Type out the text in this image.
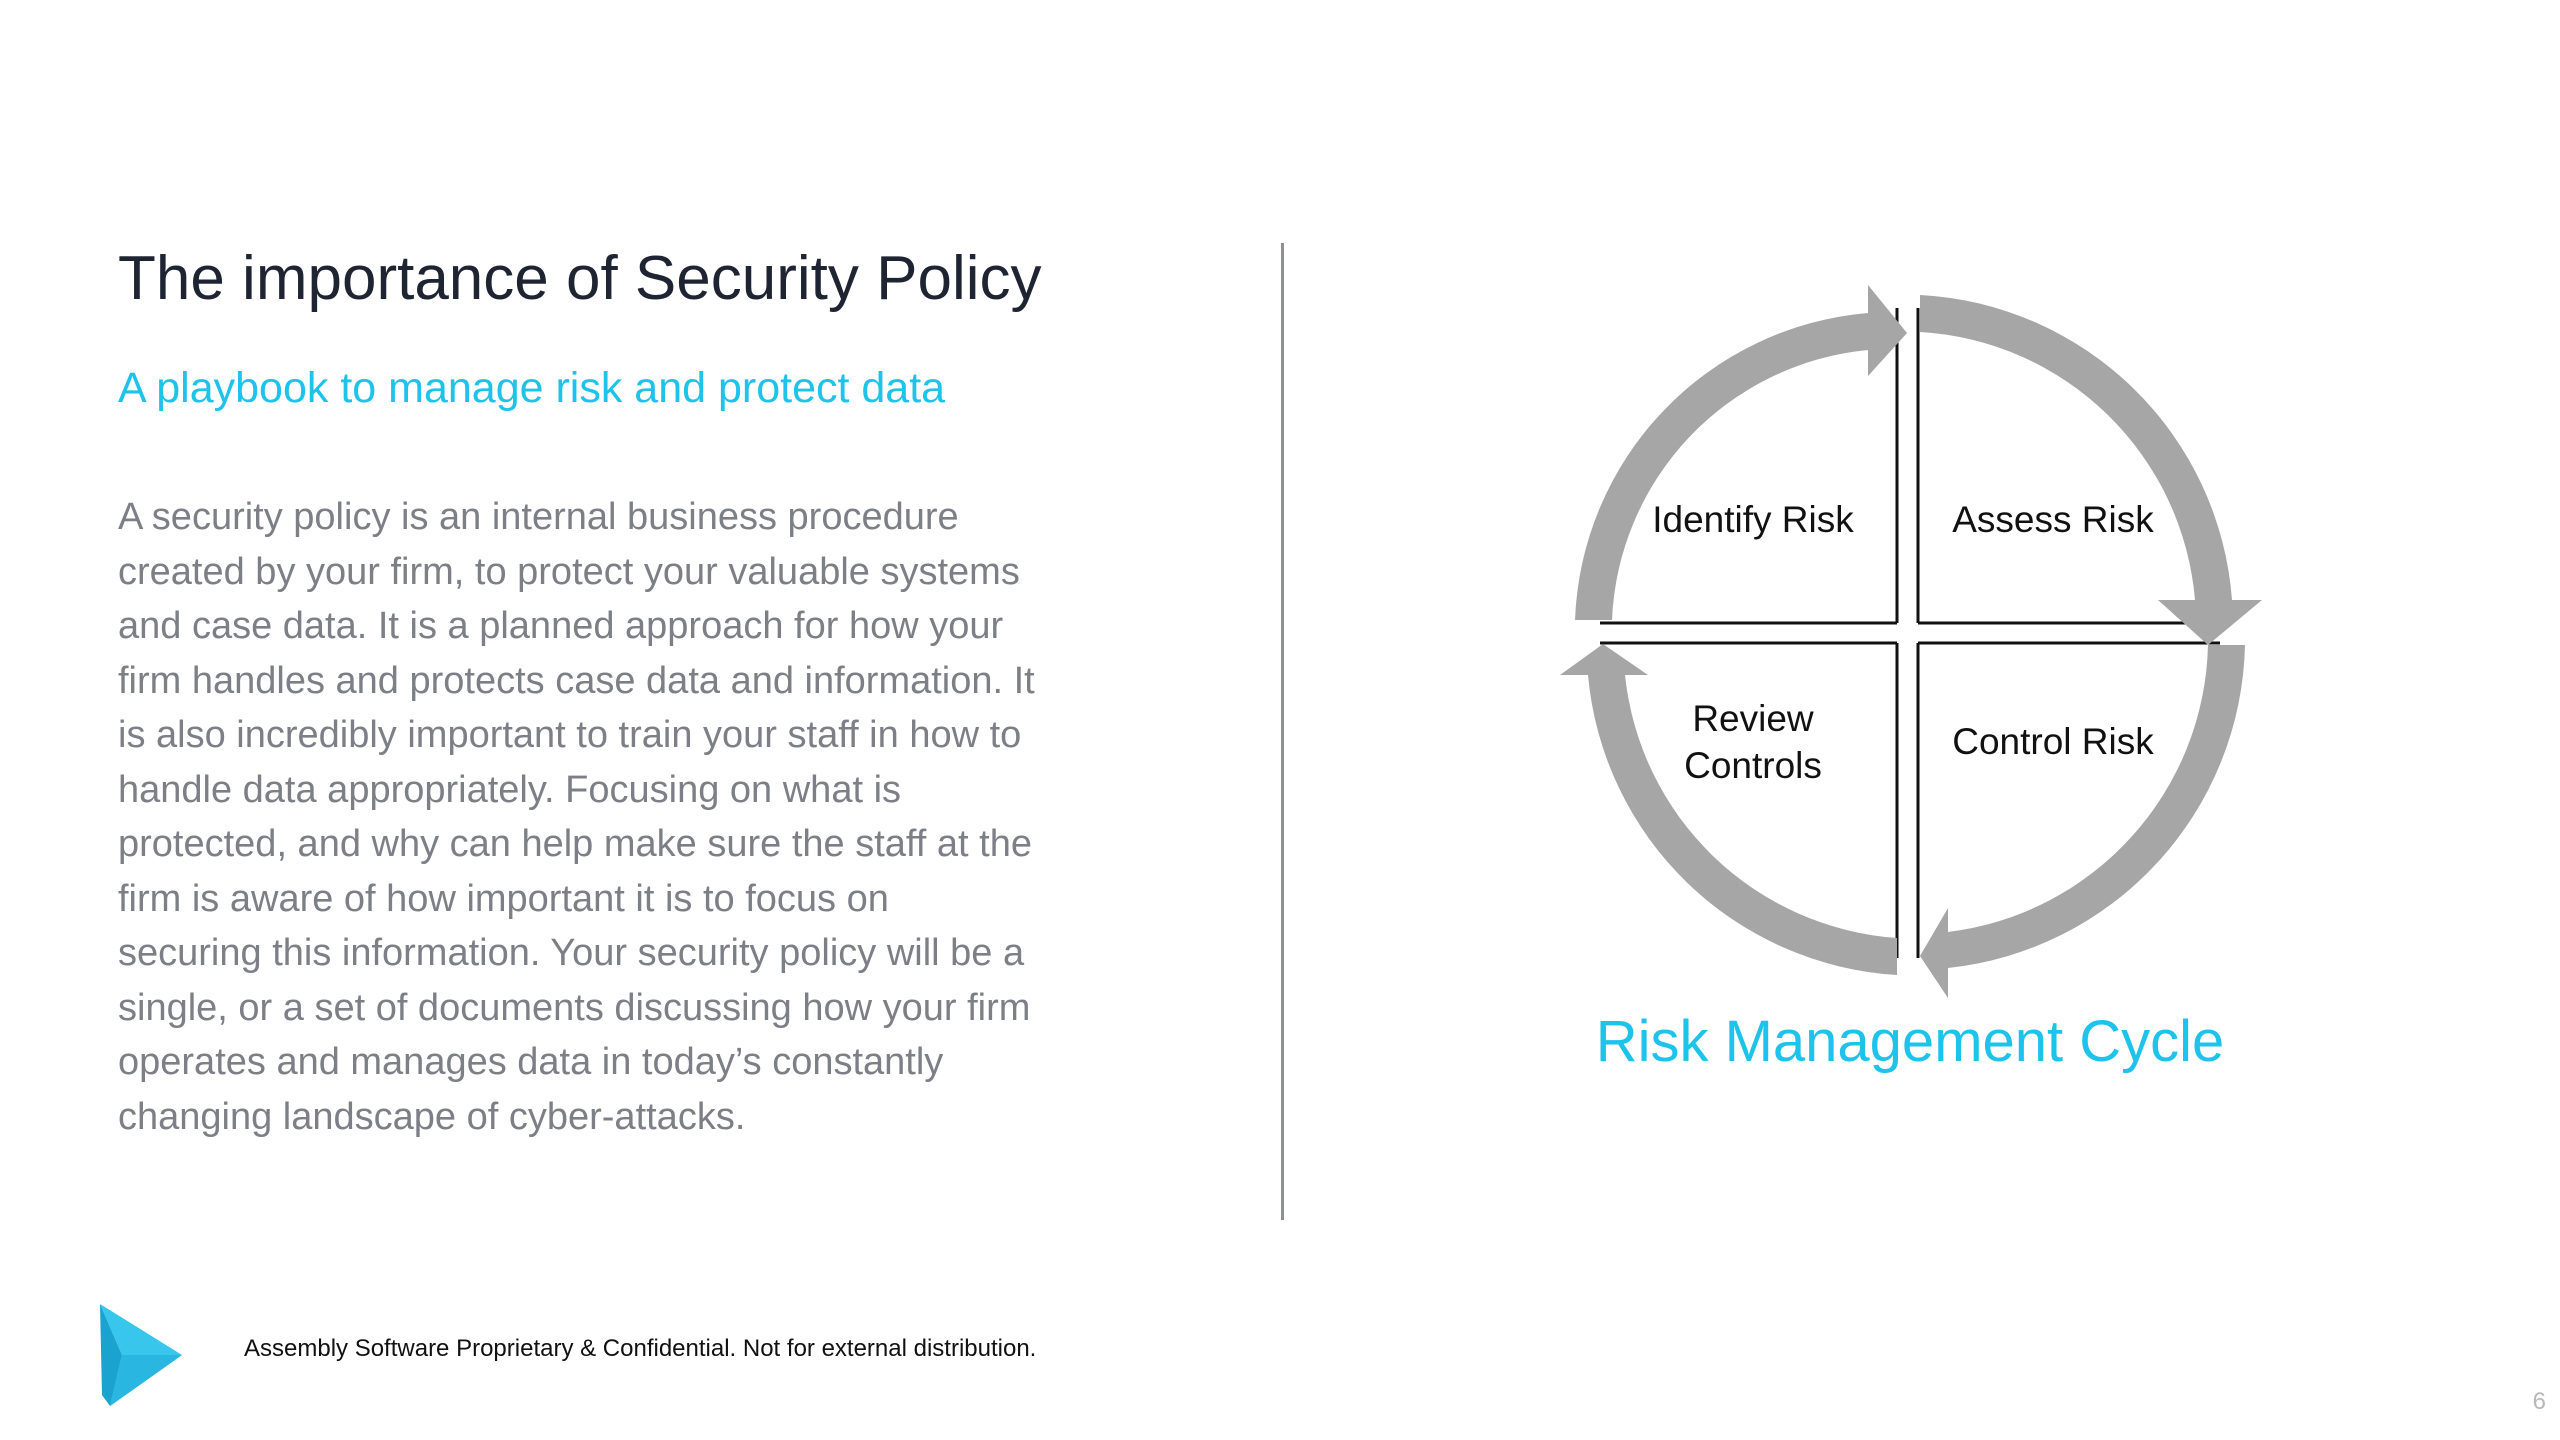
The importance of Security Policy
A playbook to manage risk and protect data
A security policy is an internal business procedure
created by your firm, to protect your valuable systems
and case data. It is a planned approach for how your
firm handles and protects case data and information. It
is also incredibly important to train your staff in how to
handle data appropriately. Focusing on what is
protected, and why can help make sure the staff at the
firm is aware of how important it is to focus on
securing this information. Your security policy will be a
single, or a set of documents discussing how your firm
operates and manages data in today’s constantly
changing landscape of cyber-attacks.
Identify Risk	Assess Risk
Review
Controls
Control Risk
Risk Management Cycle
Assembly Software Proprietary & Confidential. Not for external distribution.
6
